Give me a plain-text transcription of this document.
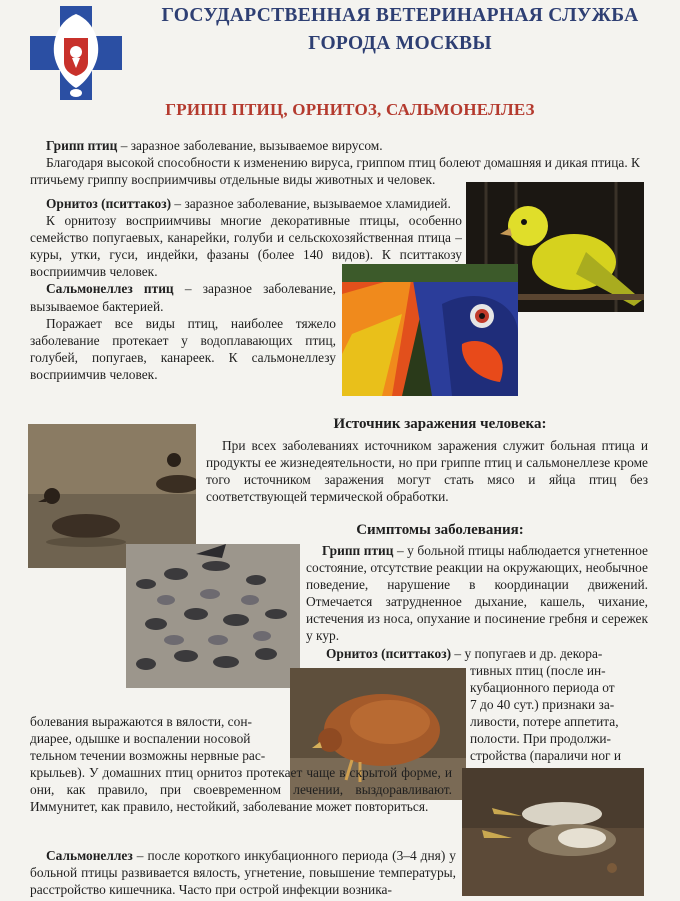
ГОСУДАРСТВЕННАЯ ВЕТЕРИНАРНАЯ СЛУЖБА
ГОРОДА МОСКВЫ
ГРИПП ПТИЦ, ОРНИТОЗ, САЛЬМОНЕЛЛЕЗ

Грипп птиц – заразное заболевание, вызываемое вирусом.

Благодаря высокой способности к изменению вируса, гриппом птиц болеют домашняя и дикая птица. К

птичьему гриппу восприимчивы отдельные виды животных и человек.

Орнитоз (пситтакоз) – заразное заболевание, вызываемое хламидией.

К орнитозу восприимчивы многие декоративные птицы, особенно семейство попугаевых, канарейки, голуби и сельскохозяйственная птица – куры, утки, гуси, индейки, фазаны (более 140 видов). К пситтакозу восприимчив человек.

Сальмонеллез птиц – заразное заболевание, вызываемое бактерией.

Поражает все виды птиц, наиболее тяжело заболевание протекает у водоплавающих птиц, голубей, попугаев, канареек. К сальмонеллезу восприимчив человек.

Источник заражения человека:
При всех заболеваниях источником заражения служит больная птица и продукты ее жизнедеятельности, но при гриппе птиц и сальмонеллезе кроме того источником заражения могут стать мясо и яйца птиц без соответствующей термической обработки.
Симптомы заболевания:

Грипп птиц – у больной птицы наблюдается угнетенное состояние, отсутствие реакции на окружающих, необычное поведение, нарушение в координации движений. Отмечается затрудненное дыхание, кашель, чихание, истечения из носа, опухание и посинение гребня и сережек у кур.

Орнитоз (пситтакоз) – у попугаев и др. декора-

тивных птиц (после ин-

кубационного периода от

7 до 40 сут.) признаки за-

ливости, потере аппетита,

полости. При продолжи-

стройства (параличи ног и

болевания выражаются в вялости, сон-

диарее, одышке и воспалении носовой

тельном течении возможны нервные рас-

крыльев). У домашних птиц орнитоз протекает чаще в скрытой форме, и они, как правило, при своевременном лечении, выздоравливают. Иммунитет, как правило, нестойкий, заболевание может повториться.

Сальмонеллез – после короткого инкубационного периода (3–4 дня) у больной птицы развивается вялость, угнетение, повышение температуры, расстройство кишечника. Часто при острой инфекции возника-
